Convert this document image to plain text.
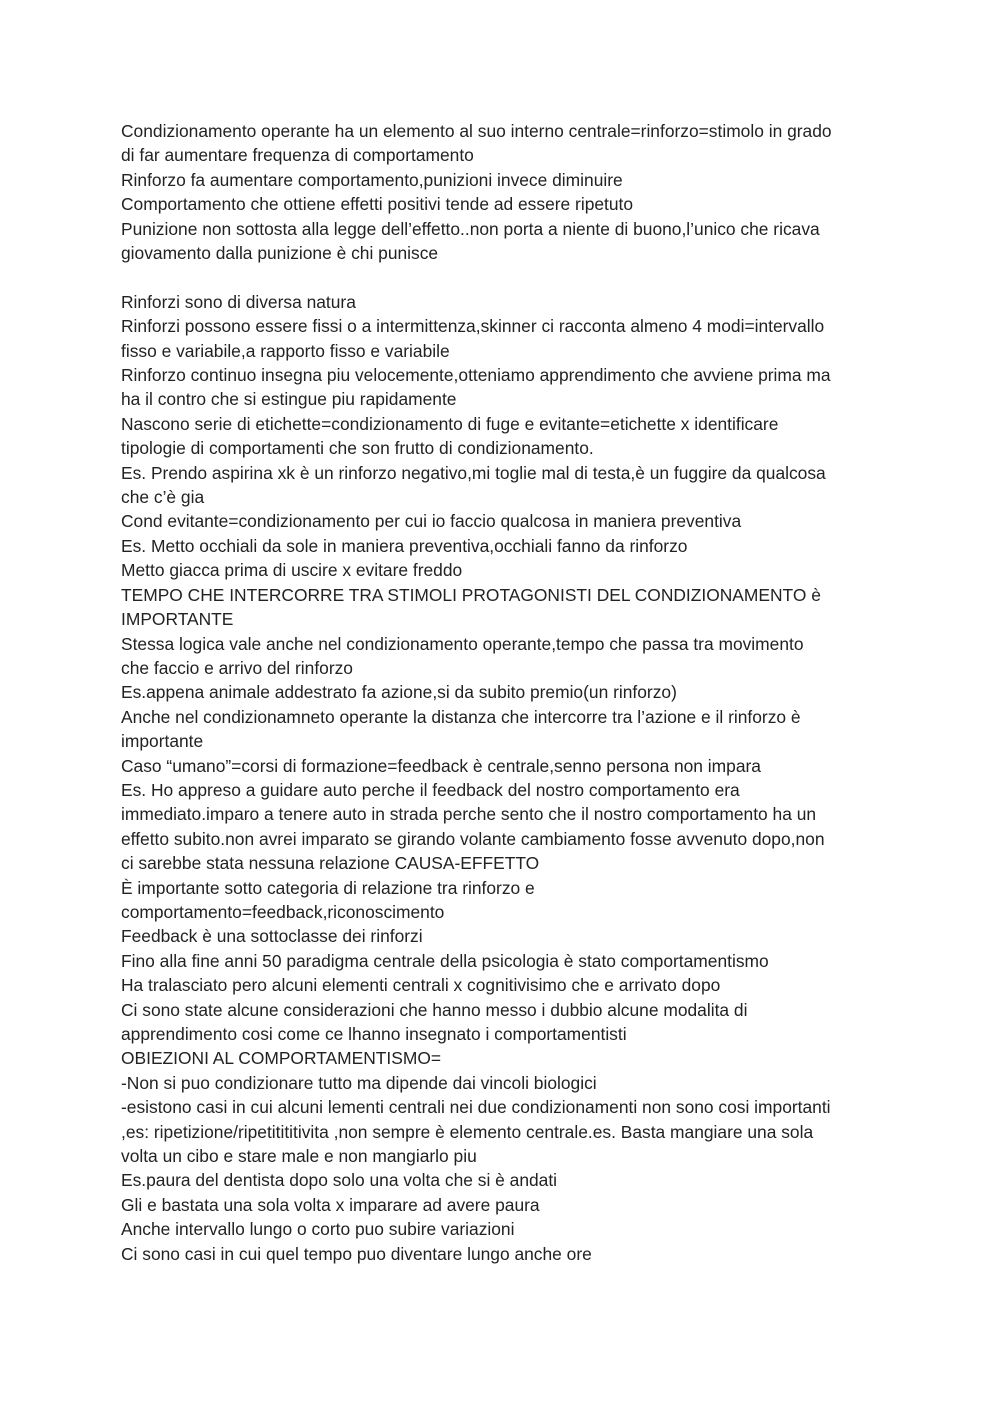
Condizionamento operante ha un elemento al suo interno centrale=rinforzo=stimolo in grado

di far aumentare frequenza di comportamento

Rinforzo fa aumentare comportamento,punizioni invece diminuire

Comportamento che ottiene effetti positivi tende ad essere ripetuto

Punizione non sottosta alla legge dell’effetto..non porta a niente di buono,l’unico che ricava

giovamento dalla punizione è chi punisce

Rinforzi sono di diversa natura

Rinforzi possono essere fissi o a intermittenza,skinner ci racconta almeno 4 modi=intervallo

fisso e variabile,a rapporto fisso e variabile

Rinforzo continuo insegna piu velocemente,otteniamo apprendimento che avviene prima ma

ha il contro che si estingue piu rapidamente

Nascono serie di etichette=condizionamento di fuge e evitante=etichette x identificare

tipologie di comportamenti che son frutto di condizionamento.

Es. Prendo aspirina xk è un rinforzo negativo,mi toglie mal di testa,è un fuggire da qualcosa

che c’è gia

Cond evitante=condizionamento per cui io faccio qualcosa in maniera preventiva

Es. Metto occhiali da sole in maniera preventiva,occhiali fanno da rinforzo

Metto giacca prima di uscire x evitare freddo

TEMPO CHE INTERCORRE TRA STIMOLI PROTAGONISTI DEL CONDIZIONAMENTO è

IMPORTANTE

Stessa logica vale anche nel condizionamento operante,tempo che passa tra movimento

che faccio e arrivo del rinforzo

Es.appena animale addestrato fa azione,si da subito premio(un rinforzo)

Anche nel condizionamneto operante la distanza che intercorre tra l’azione e il rinforzo è

importante

Caso “umano”=corsi di formazione=feedback è centrale,senno persona non impara

Es. Ho appreso a guidare auto perche il feedback del nostro comportamento era

immediato.imparo a tenere auto in strada perche sento che il nostro comportamento ha un

effetto subito.non avrei imparato se girando volante cambiamento fosse avvenuto dopo,non

ci sarebbe stata nessuna relazione CAUSA-EFFETTO

È importante sotto categoria di relazione tra rinforzo e

comportamento=feedback,riconoscimento

Feedback è una sottoclasse dei rinforzi

Fino alla fine anni 50 paradigma centrale della psicologia è stato comportamentismo

Ha tralasciato pero alcuni elementi centrali x cognitivisimo che e arrivato dopo

Ci sono state alcune considerazioni che hanno messo i dubbio alcune modalita di

apprendimento cosi come ce lhanno insegnato i comportamentisti

OBIEZIONI AL COMPORTAMENTISMO=

-Non si puo condizionare tutto ma dipende dai vincoli biologici

-esistono casi in cui alcuni lementi centrali nei due condizionamenti non sono cosi importanti

,es: ripetizione/ripetitititivita ,non sempre è elemento centrale.es. Basta mangiare una sola

volta un cibo e stare male e non mangiarlo piu

Es.paura del dentista dopo solo una volta che si è andati

Gli e bastata una sola volta x imparare ad avere paura

Anche intervallo lungo o corto puo subire variazioni

Ci sono casi in cui quel tempo puo diventare lungo anche ore
